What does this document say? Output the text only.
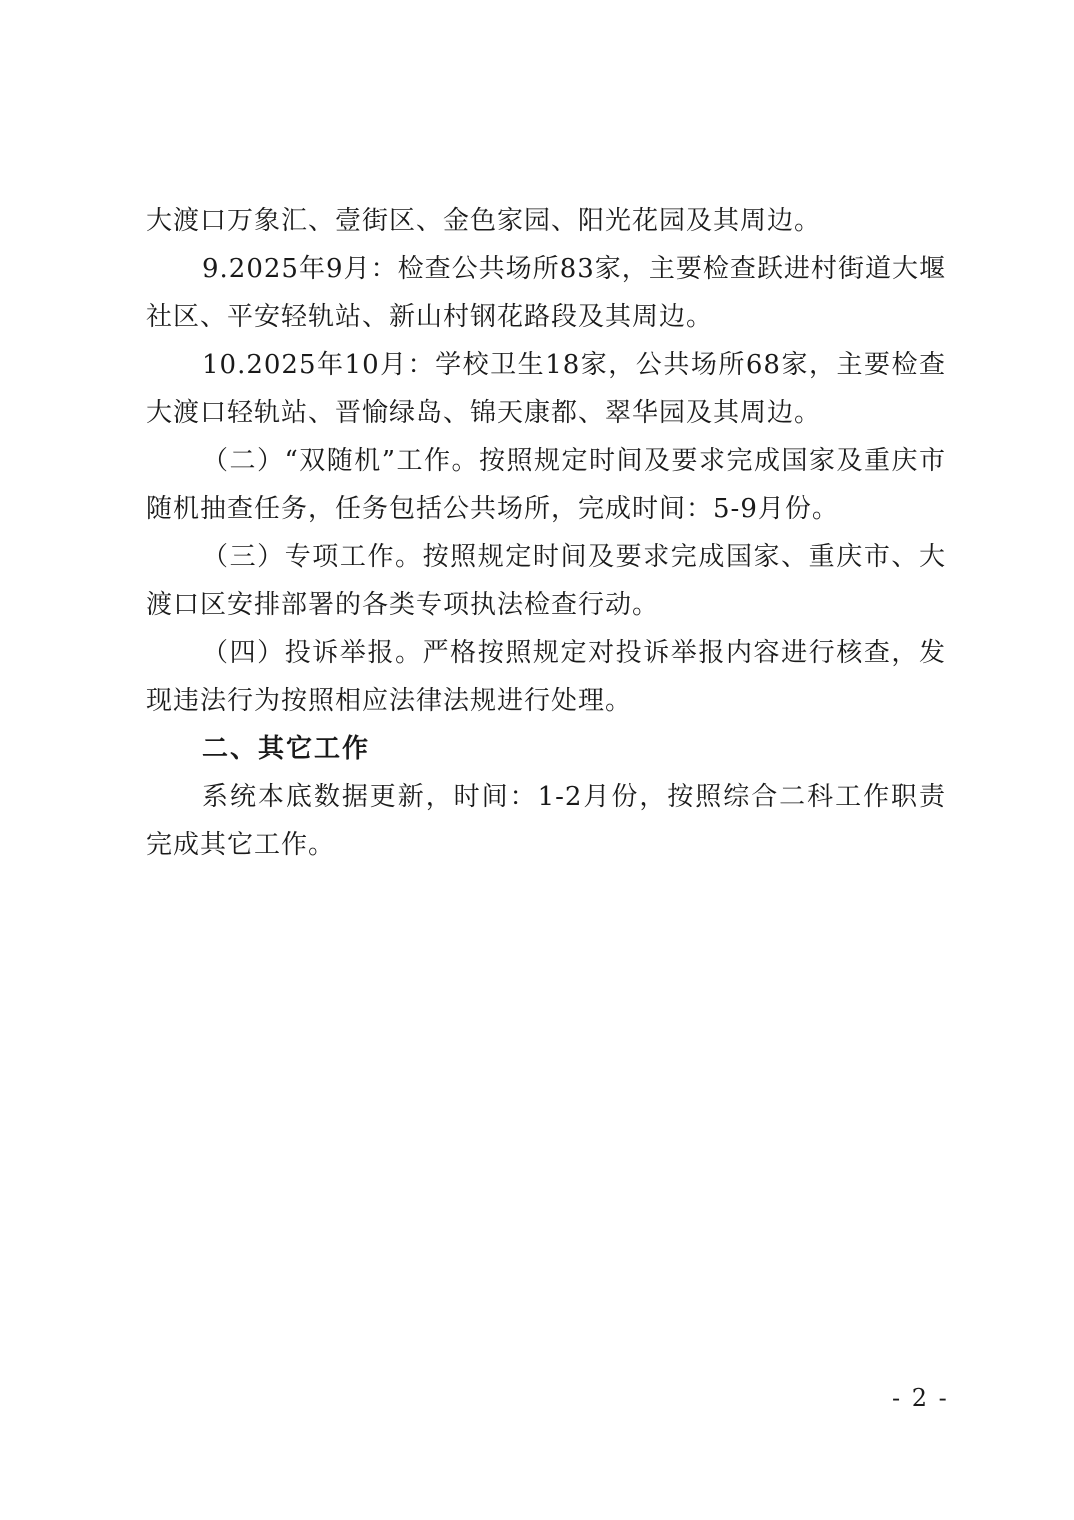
大渡口万象汇、壹街区、金色家园、阳光花园及其周边。

9.2025年9月：检查公共场所83家，主要检查跃进村街道大堰社区、平安轻轨站、新山村钢花路段及其周边。

10.2025年10月：学校卫生18家，公共场所68家，主要检查大渡口轻轨站、晋愉绿岛、锦天康都、翠华园及其周边。

（二）“双随机”工作。按照规定时间及要求完成国家及重庆市随机抽查任务，任务包括公共场所，完成时间：5-9月份。

（三）专项工作。按照规定时间及要求完成国家、重庆市、大渡口区安排部署的各类专项执法检查行动。

（四）投诉举报。严格按照规定对投诉举报内容进行核查，发现违法行为按照相应法律法规进行处理。

二、其它工作

系统本底数据更新，时间：1-2月份，按照综合二科工作职责完成其它工作。

- 2 -
